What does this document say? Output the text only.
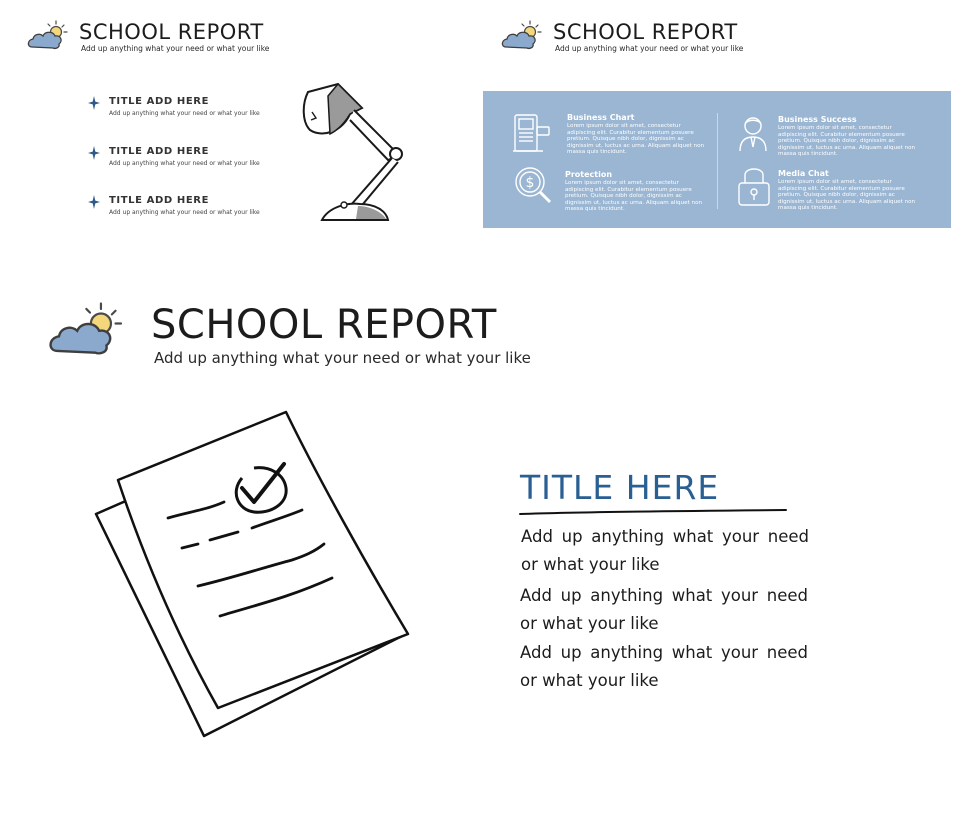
SCHOOL REPORT
Add up anything what your need or what your like
TITLE ADD HERE
Add up anything what your need or what your like
TITLE ADD HERE
Add up anything what your need or what your like
TITLE ADD HERE
Add up anything what your need or what your like
SCHOOL REPORT
Add up anything what your need or what your like
Business Chart
Lorem ipsum dolor sit amet, consectetur adipiscing elit. Curabitur elementum posuere pretium. Quisque nibh dolor, dignissim ac dignissim ut, luctus ac urna. Aliquam aliquet non massa quis tincidunt.
Business Success
Lorem ipsum dolor sit amet, consectetur adipiscing elit. Curabitur elementum posuere pretium. Quisque nibh dolor, dignissim ac dignissim ut, luctus ac urna. Aliquam aliquet non massa quis tincidunt.
$
Protection
Lorem ipsum dolor sit amet, consectetur adipiscing elit. Curabitur elementum posuere pretium. Quisque nibh dolor, dignissim ac dignissim ut, luctus ac urna. Aliquam aliquet non massa quis tincidunt.
Media Chat
Lorem ipsum dolor sit amet, consectetur adipiscing elit. Curabitur elementum posuere pretium. Quisque nibh dolor, dignissim ac dignissim ut, luctus ac urna. Aliquam aliquet non massa quis tincidunt.
SCHOOL REPORT
Add up anything what your need or what your like
TITLE HERE
Add up anything what your need or what your like
Add up anything what your need or what your like
Add up anything what your need or what your like
